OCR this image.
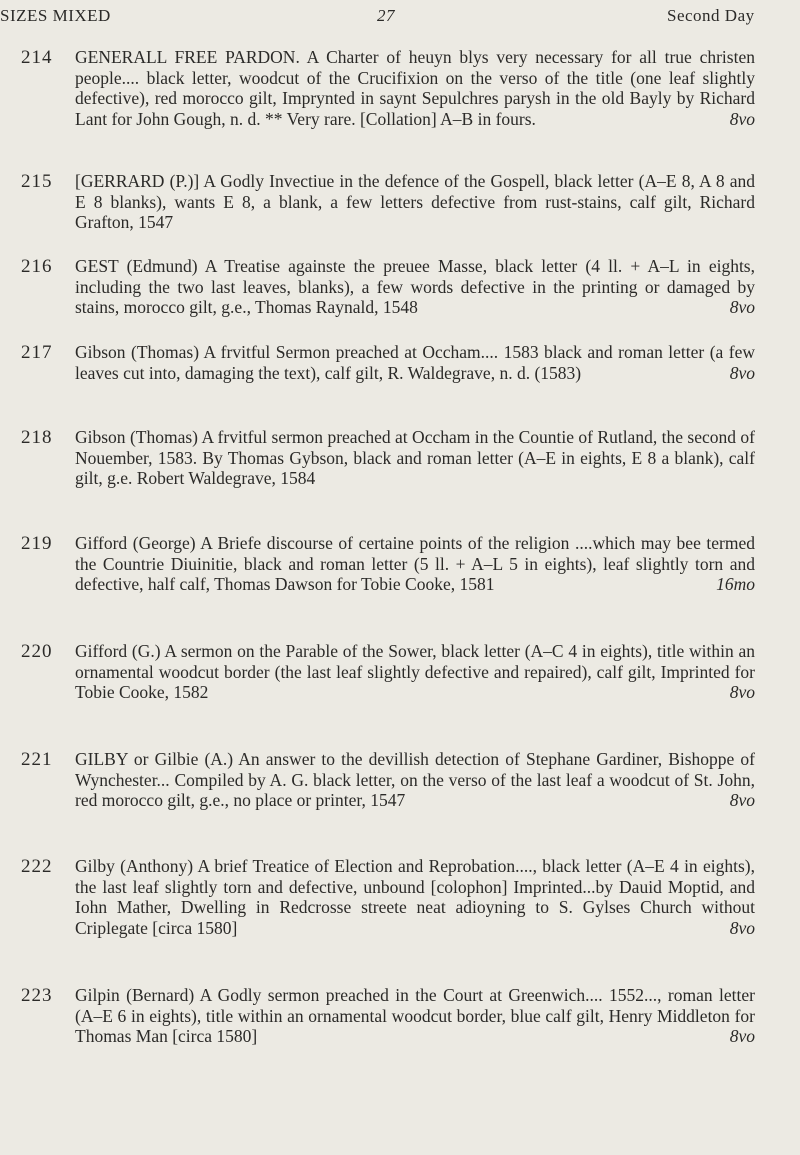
SIZES MIXED	27	Second Day
214 GENERALL FREE PARDON. A Charter of heuyn blys very necessary for all true christen people.... black letter, woodcut of the Crucifixion on the verso of the title (one leaf slightly defective), red morocco gilt, Imprynted in saynt Sepulchres parysh in the old Bayly by Richard Lant for John Gough, n. d. ** Very rare. [Collation] A–B in fours.	8vo
215 [GERRARD (P.)] A Godly Invectiue in the defence of the Gospell, black letter (A–E 8, A 8 and E 8 blanks), wants E 8, a blank, a few letters defective from rust-stains, calf gilt, Richard Grafton, 1547
216 GEST (Edmund) A Treatise againste the preuee Masse, black letter (4 ll. + A–L in eights, including the two last leaves, blanks), a few words defective in the printing or damaged by stains, morocco gilt, g.e., Thomas Raynald, 1548	8vo
217 Gibson (Thomas) A frvitful Sermon preached at Occham.... 1583 black and roman letter (a few leaves cut into, damaging the text), calf gilt, R. Waldegrave, n. d. (1583)	8vo
218 Gibson (Thomas) A frvitful sermon preached at Occham in the Countie of Rutland, the second of Nouember, 1583. By Thomas Gybson, black and roman letter (A–E in eights, E 8 a blank), calf gilt, g.e. Robert Waldegrave, 1584
219 Gifford (George) A Briefe discourse of certaine points of the religion ....which may bee termed the Countrie Diuinitie, black and roman letter (5 ll. + A–L 5 in eights), leaf slightly torn and defective, half calf, Thomas Dawson for Tobie Cooke, 1581	16mo
220 Gifford (G.) A sermon on the Parable of the Sower, black letter (A–C 4 in eights), title within an ornamental woodcut border (the last leaf slightly defective and repaired), calf gilt, Imprinted for Tobie Cooke, 1582	8vo
221 GILBY or Gilbie (A.) An answer to the devillish detection of Stephane Gardiner, Bishoppe of Wynchester... Compiled by A. G. black letter, on the verso of the last leaf a woodcut of St. John, red morocco gilt, g.e., no place or printer, 1547	8vo
222 Gilby (Anthony) A brief Treatice of Election and Reprobation...., black letter (A–E 4 in eights), the last leaf slightly torn and defective, unbound [colophon] Imprinted...by Dauid Moptid, and Iohn Mather, Dwelling in Redcrosse streete neat adioyning to S. Gylses Church without Criplegate [circa 1580]	8vo
223 Gilpin (Bernard) A Godly sermon preached in the Court at Greenwich.... 1552..., roman letter (A–E 6 in eights), title within an ornamental woodcut border, blue calf gilt, Henry Middleton for Thomas Man [circa 1580]	8vo
